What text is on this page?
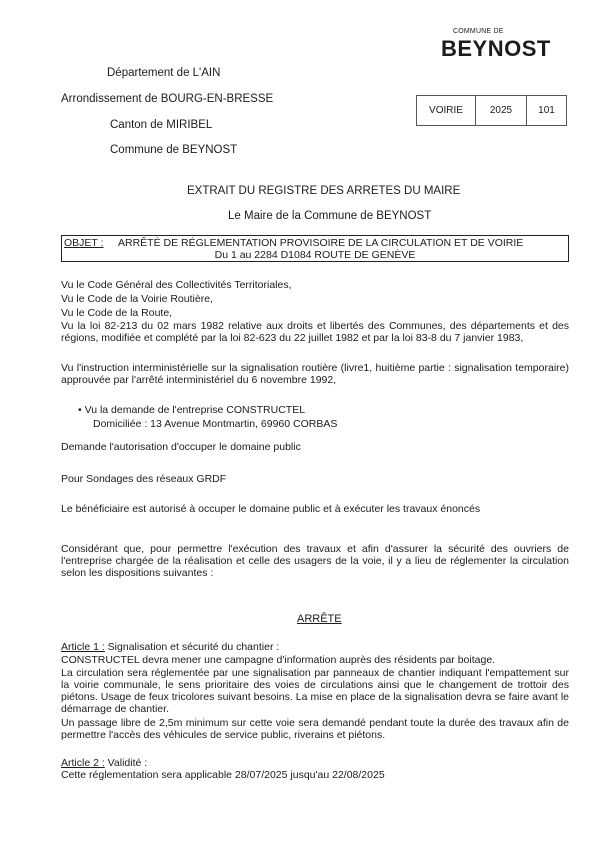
COMMUNE DE
BEYNOST
Département de L'AIN
Arrondissement de BOURG-EN-BRESSE
Canton de MIRIBEL
Commune de BEYNOST
VOIRIE	2025	101
EXTRAIT DU REGISTRE DES ARRETES DU MAIRE
Le Maire de la Commune de BEYNOST
OBJET : ARRÊTÉ DE RÉGLEMENTATION PROVISOIRE DE LA CIRCULATION ET DE VOIRIE
Du 1 au 2284 D1084 ROUTE DE GENÈVE
Vu le Code Général des Collectivités Territoriales,
Vu le Code de la Voirie Routière,
Vu le Code de la Route,
Vu la loi 82-213 du 02 mars 1982 relative aux droits et libertés des Communes, des départements et des régions, modifiée et complété par la loi 82-623 du 22 juillet 1982 et par la loi 83-8 du 7 janvier 1983,
Vu l'instruction interministérielle sur la signalisation routière (livre1, huitième partie : signalisation temporaire) approuvée par l'arrêté interministériel du 6 novembre 1992,
• Vu la demande de l'entreprise CONSTRUCTEL
Domiciliée : 13 Avenue Montmartin, 69960 CORBAS
Demande l'autorisation d'occuper le domaine public
Pour Sondages des réseaux GRDF
Le bénéficiaire est autorisé à occuper le domaine public et à exécuter les travaux énoncés
Considérant que, pour permettre l'exécution des travaux et afin d'assurer la sécurité des ouvriers de l'entreprise chargée de la réalisation et celle des usagers de la voie, il y a lieu de réglementer la circulation selon les dispositions suivantes :
ARRÊTE
Article 1 : Signalisation et sécurité du chantier :
CONSTRUCTEL devra mener une campagne d'information auprès des résidents par boitage.
La circulation sera réglementée par une signalisation par panneaux de chantier indiquant l'empattement sur la voirie communale, le sens prioritaire des voies de circulations ainsi que le changement de trottoir des piétons. Usage de feux tricolores suivant besoins. La mise en place de la signalisation devra se faire avant le démarrage de chantier.
Un passage libre de 2,5m minimum sur cette voie sera demandé pendant toute la durée des travaux afin de permettre l'accès des véhicules de service public, riverains et piétons.
Article 2 : Validité :
Cette réglementation sera applicable 28/07/2025 jusqu'au 22/08/2025
